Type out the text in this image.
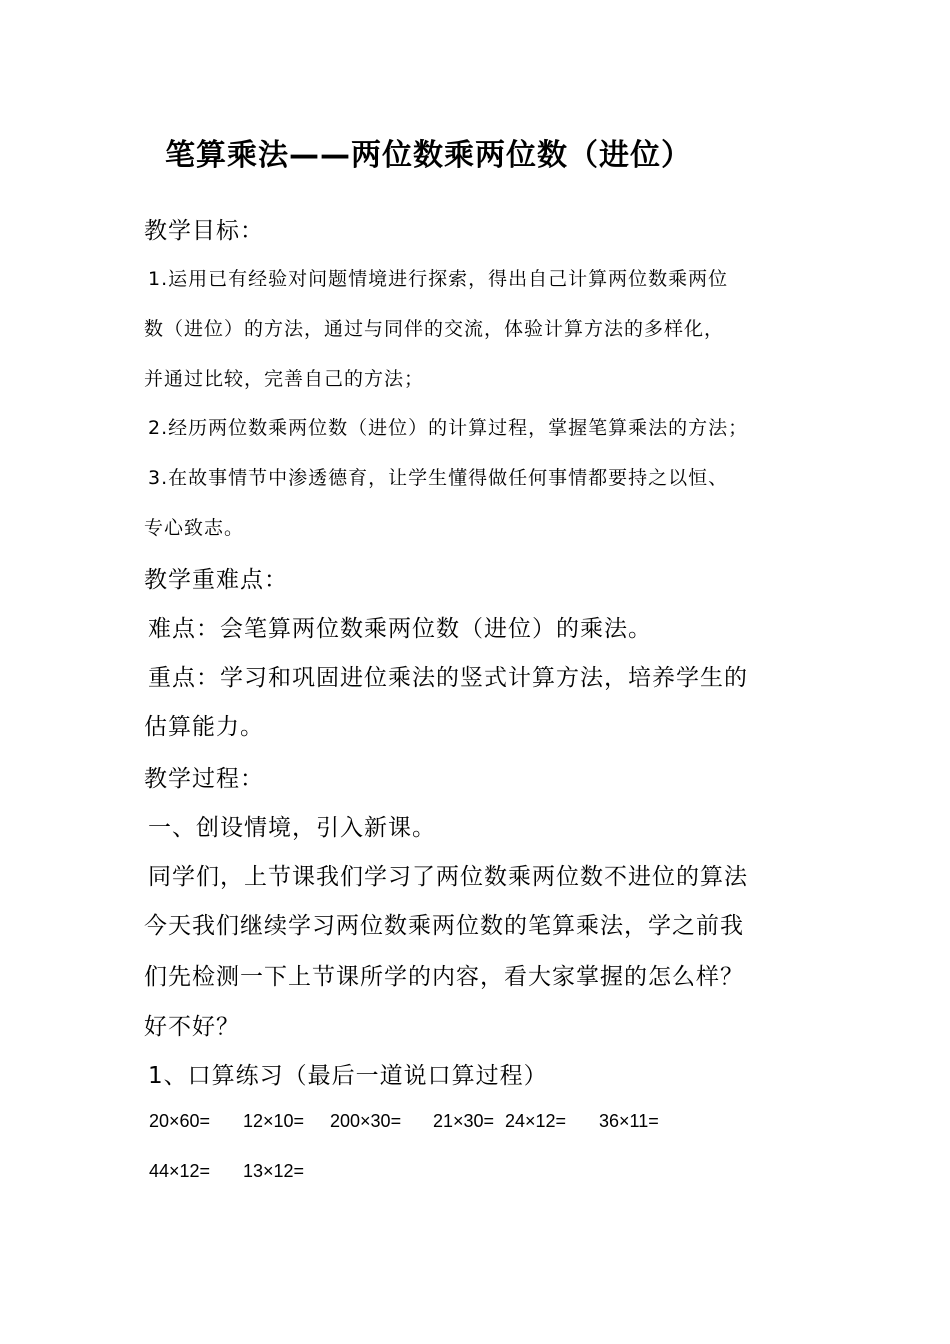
笔算乘法——两位数乘两位数（进位）
教学目标：
1.运用已有经验对问题情境进行探索，得出自己计算两位数乘两位
数（进位）的方法，通过与同伴的交流，体验计算方法的多样化，
并通过比较，完善自己的方法；
2.经历两位数乘两位数（进位）的计算过程，掌握笔算乘法的方法；
3.在故事情节中渗透德育，让学生懂得做任何事情都要持之以恒、
专心致志。
教学重难点：
难点：会笔算两位数乘两位数（进位）的乘法。
重点：学习和巩固进位乘法的竖式计算方法，培养学生的
估算能力。
教学过程：
一、创设情境，引入新课。
同学们，上节课我们学习了两位数乘两位数不进位的算法
今天我们继续学习两位数乘两位数的笔算乘法，学之前我
们先检测一下上节课所学的内容，看大家掌握的怎么样？
好不好？
1、口算练习（最后一道说口算过程）
20×60= 12×10= 200×30= 21×30= 24×12= 36×11=
44×12= 13×12=
